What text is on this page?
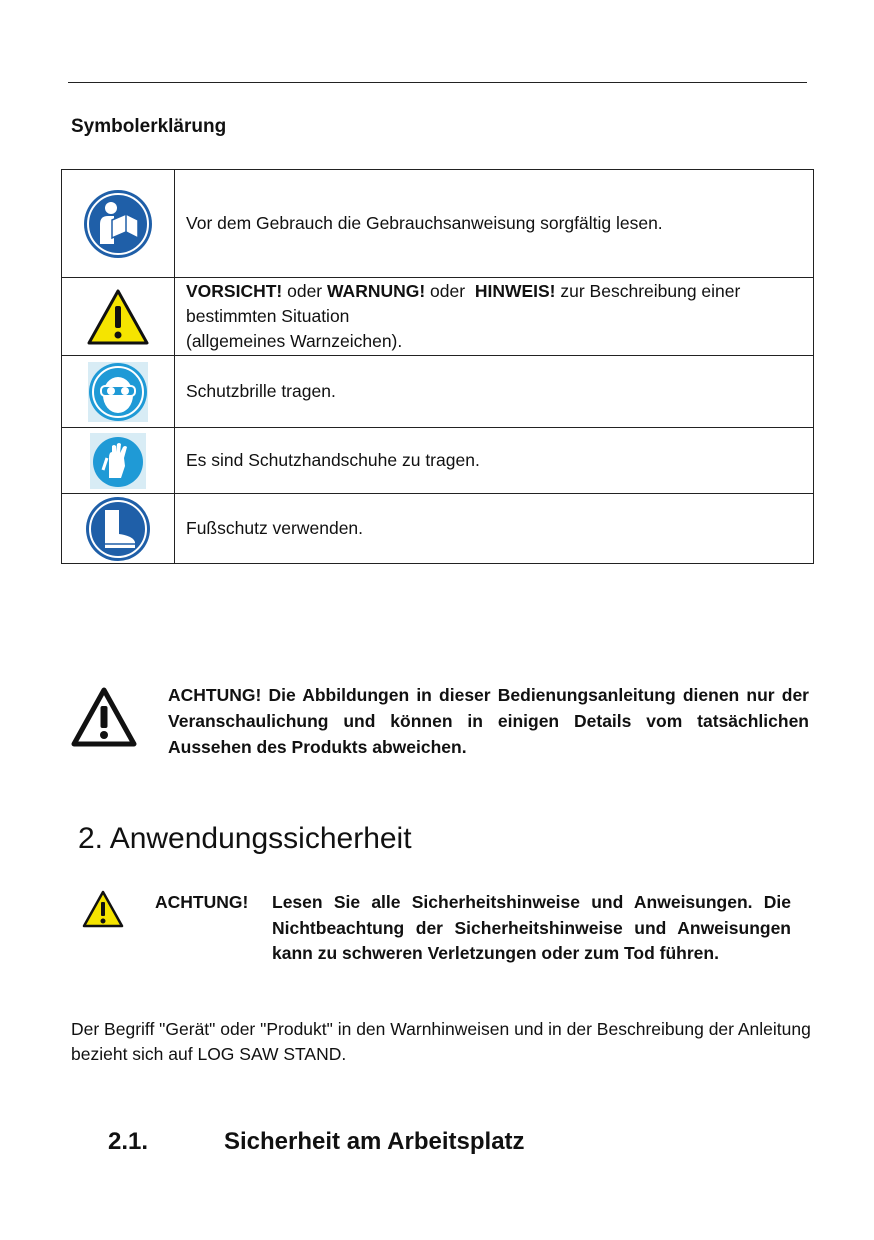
Symbolerklärung
	Vor dem Gebrauch die Gebrauchsanweisung sorgfältig lesen.

	VORSICHT! oder WARNUNG! oder  HINWEIS! zur Beschreibung einer bestimmten Situation
(allgemeines Warnzeichen).

	Schutzbrille tragen.

	Es sind Schutzhandschuhe zu tragen.

	Fußschutz verwenden.
ACHTUNG! Die Abbildungen in dieser Bedienungsanleitung dienen nur der Veranschaulichung und können in einigen Details vom tatsächlichen Aussehen des Produkts abweichen.
2. Anwendungssicherheit
ACHTUNG! Lesen Sie alle Sicherheitshinweise und Anweisungen. Die Nichtbeachtung der Sicherheitshinweise und Anweisungen kann zu schweren Verletzungen oder zum Tod führen.
Der Begriff "Gerät" oder "Produkt" in den Warnhinweisen und in der Beschreibung der Anleitung bezieht sich auf LOG SAW STAND.
2.1.	Sicherheit am Arbeitsplatz
